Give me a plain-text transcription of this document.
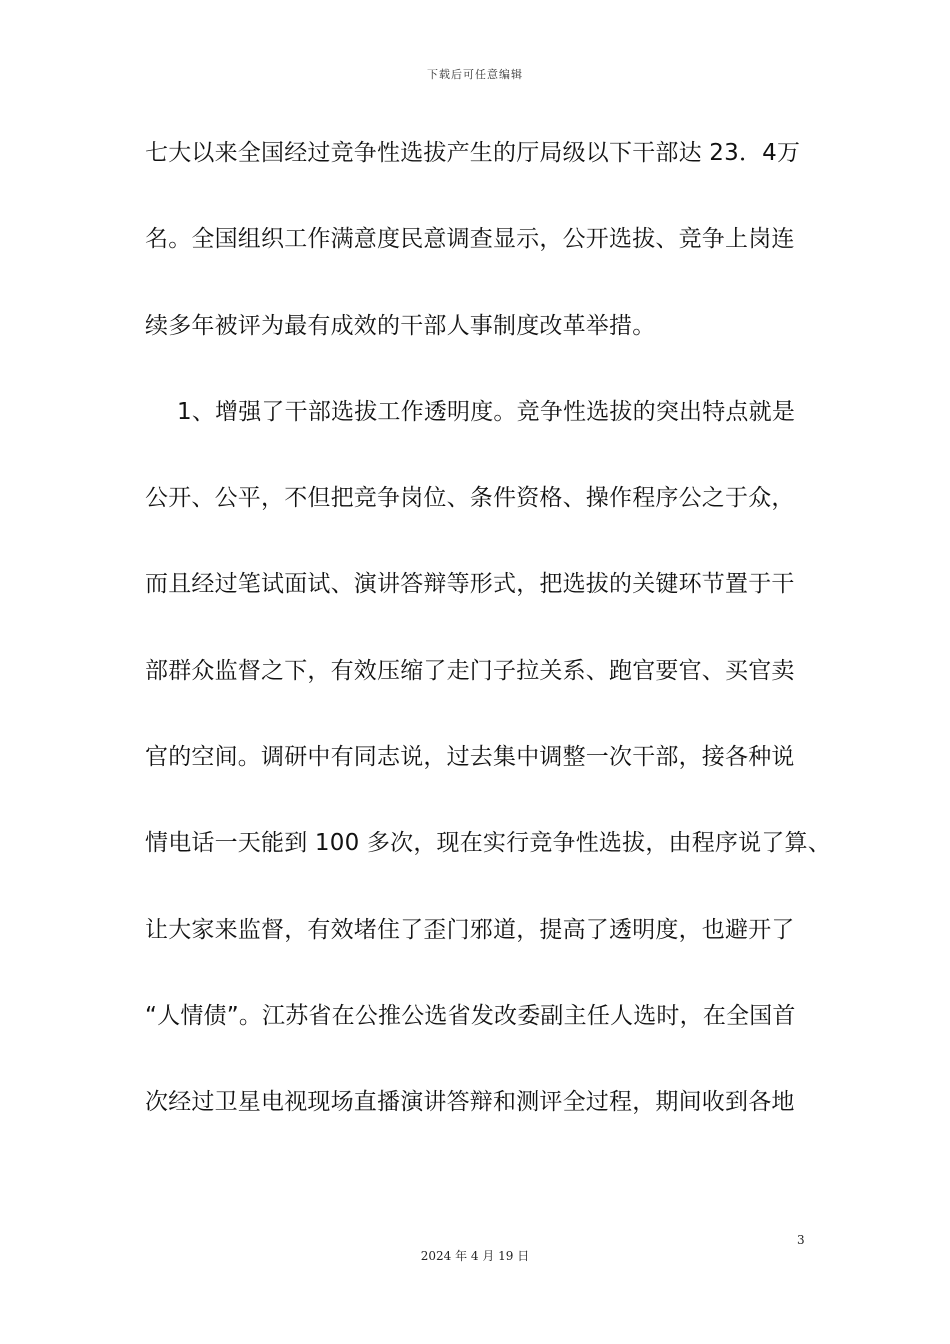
下载后可任意编辑
七大以来全国经过竞争性选拔产生的厅局级以下干部达 23．4万
名。全国组织工作满意度民意调查显示，公开选拔、竞争上岗连
续多年被评为最有成效的干部人事制度改革举措。
1、增强了干部选拔工作透明度。竞争性选拔的突出特点就是
公开、公平，不但把竞争岗位、条件资格、操作程序公之于众，
而且经过笔试面试、演讲答辩等形式，把选拔的关键环节置于干
部群众监督之下，有效压缩了走门子拉关系、跑官要官、买官卖
官的空间。调研中有同志说，过去集中调整一次干部，接各种说
情电话一天能到 100 多次，现在实行竞争性选拔，由程序说了算、
让大家来监督，有效堵住了歪门邪道，提高了透明度，也避开了
“人情债”。江苏省在公推公选省发改委副主任人选时，在全国首
次经过卫星电视现场直播演讲答辩和测评全过程，期间收到各地
3
2024 年 4 月 19 日
